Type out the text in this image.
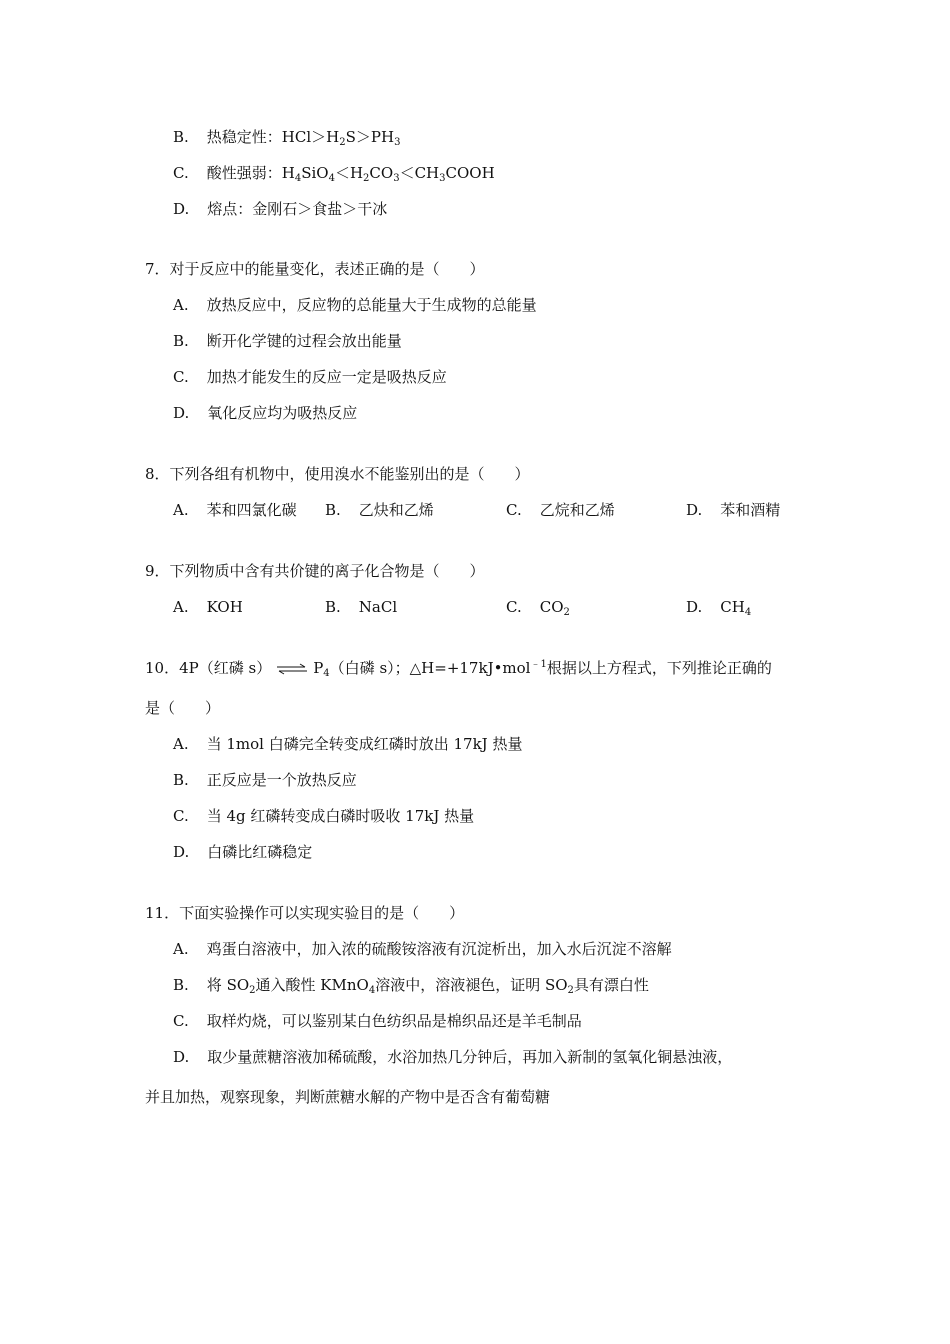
B. 热稳定性：$HCl>H_2S>PH_3$
C. 酸性强弱：$H_4SiO_4<H_2CO_3<CH_3COOH$
D. 熔点：金刚石＞食盐＞干冰
7．对于反应中的能量变化，表述正确的是（　　）
A. 放热反应中，反应物的总能量大于生成物的总能量
B. 断开化学键的过程会放出能量
C. 加热才能发生的反应一定是吸热反应
D. 氧化反应均为吸热反应
8．下列各组有机物中，使用溴水不能鉴别出的是（　　）
A. 苯和四氯化碳 B. 乙炔和乙烯	C. 乙烷和乙烯	D. 苯和酒精
9．下列物质中含有共价键的离子化合物是（　　）
A. KOH	B. NaCl	C. $CO_2$	D. $CH_4$
10．4P（红磷 s） ⇌ $P_4$（白磷 s）；△H=+17kJ•mol$^{﹣1}$根据以上方程式，下列推论正确的
是（　　）
A. 当 1mol 白磷完全转变成红磷时放出 17kJ 热量
B. 正反应是一个放热反应
C. 当 4g 红磷转变成白磷时吸收 17kJ 热量
D. 白磷比红磷稳定
11．下面实验操作可以实现实验目的是（　　）
A. 鸡蛋白溶液中，加入浓的硫酸铵溶液有沉淀析出，加入水后沉淀不溶解
B. 将 $SO_2$通入酸性 KMnO$_4$溶液中，溶液褪色，证明 $SO_2$具有漂白性
C. 取样灼烧，可以鉴别某白色纺织品是棉织品还是羊毛制品
D. 取少量蔗糖溶液加稀硫酸，水浴加热几分钟后，再加入新制的氢氧化铜悬浊液，
并且加热，观察现象，判断蔗糖水解的产物中是否含有葡萄糖
